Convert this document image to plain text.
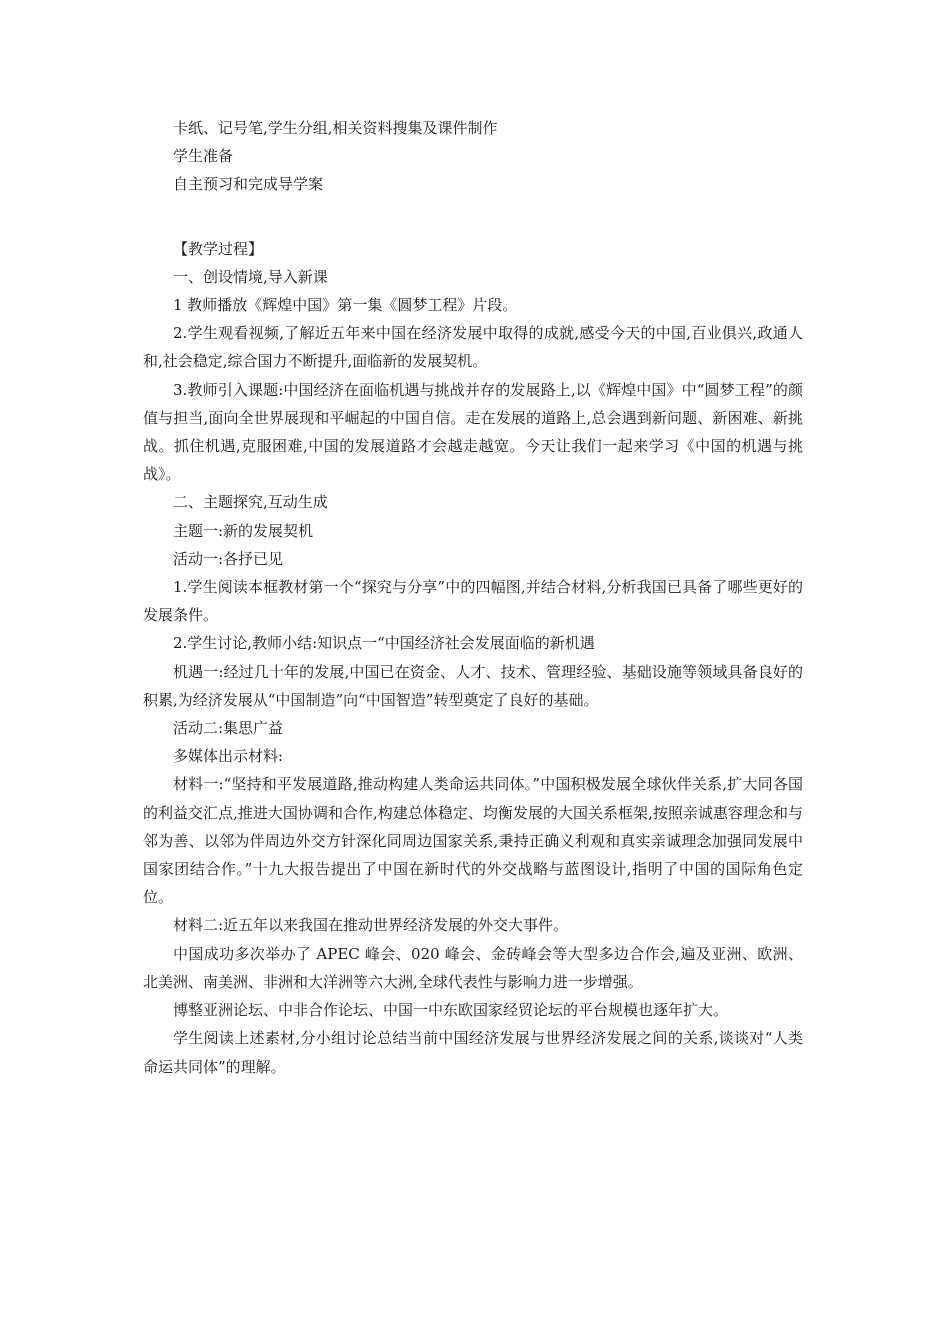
卡纸、记号笔,学生分组,相关资料搜集及课件制作

学生准备

自主预习和完成导学案

【教学过程】

一、创设情境,导入新课

1 教师播放《辉煌中国》第一集《圆梦工程》片段。

2.学生观看视频,了解近五年来中国在经济发展中取得的成就,感受今天的中国,百业俱兴,政通人和,社会稳定,综合国力不断提升,面临新的发展契机。

3.教师引入课题:中国经济在面临机遇与挑战并存的发展路上,以《辉煌中国》中“圆梦工程”的颜值与担当,面向全世界展现和平崛起的中国自信。走在发展的道路上,总会遇到新问题、新困难、新挑战。抓住机遇,克服困难,中国的发展道路才会越走越宽。今天让我们一起来学习《中国的机遇与挑战》。

二、主题探究,互动生成

主题一:新的发展契机

活动一:各抒已见

1.学生阅读本框教材第一个“探究与分享”中的四幅图,并结合材料,分析我国已具备了哪些更好的发展条件。

2.学生讨论,教师小结:知识点一“中国经济社会发展面临的新机遇

机遇一:经过几十年的发展,中国已在资金、人才、技术、管理经验、基础设施等领域具备良好的积累,为经济发展从“中国制造”向“中国智造”转型奠定了良好的基础。

活动二:集思广益

多媒体出示材料:

材料一:“坚持和平发展道路,推动构建人类命运共同体。”中国积极发展全球伙伴关系,扩大同各国的利益交汇点,推进大国协调和合作,构建总体稳定、均衡发展的大国关系框架,按照亲诚惠容理念和与邻为善、以邻为伴周边外交方针深化同周边国家关系,秉持正确义利观和真实亲诚理念加强同发展中国家团结合作。”十九大报告提出了中国在新时代的外交战略与蓝图设计,指明了中国的国际角色定位。

材料二:近五年以来我国在推动世界经济发展的外交大事件。

中国成功多次举办了 APEC 峰会、020 峰会、金砖峰会等大型多边合作会,遍及亚洲、欧洲、北美洲、南美洲、非洲和大洋洲等六大洲,全球代表性与影响力进一步增强。

博整亚洲论坛、中非合作论坛、中国一中东欧国家经贸论坛的平台规模也逐年扩大。

学生阅读上述素材,分小组讨论总结当前中国经济发展与世界经济发展之间的关系,谈谈对“人类命运共同体”的理解。
